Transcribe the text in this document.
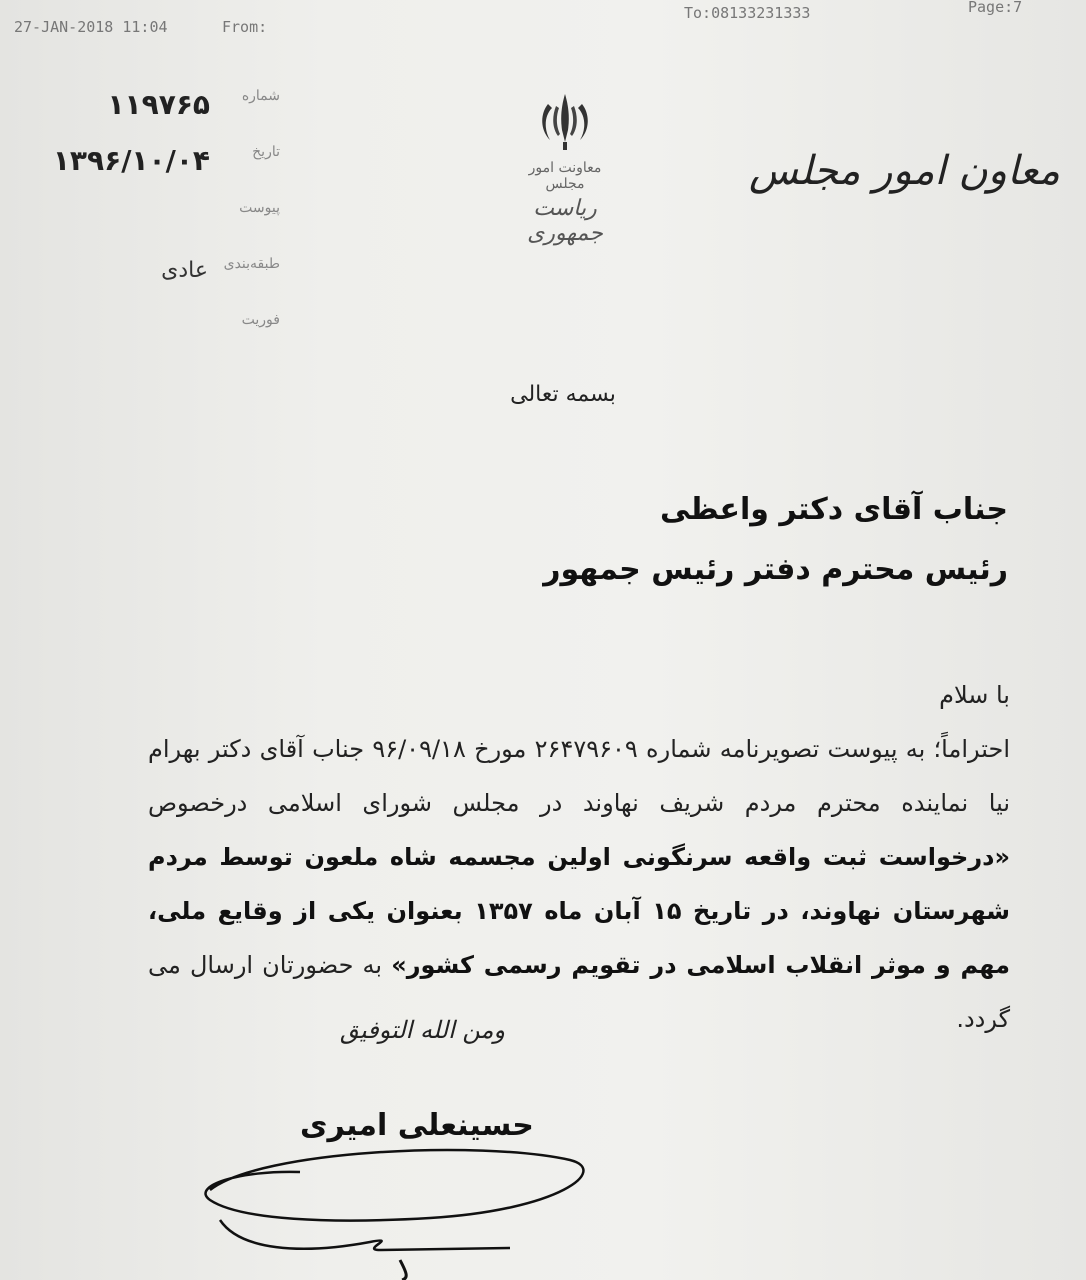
27-JAN-2018 11:04	From:
To:08133231333	Page:7
شماره
۱۱۹۷۶۵
تاریخ
۱۳۹۶/۱۰/۰۴
پیوست
طبقه‌بندی
عادی
فوریت
معاونت امور مجلس
ریاست جمهوری
معاون امور مجلس
بسمه تعالی
جناب آقای دکتر واعظی
رئیس محترم دفتر رئیس جمهور
با سلام
احتراماً؛ به پیوست تصویرنامه شماره ۲۶۴۷۹۶۰۹ مورخ ۹۶/۰۹/۱۸ جناب آقای دکتر بهرام نیا نماینده محترم مردم شریف نهاوند در مجلس شورای اسلامی درخصوص «درخواست ثبت واقعه سرنگونی اولین مجسمه شاه ملعون توسط مردم شهرستان نهاوند، در تاریخ ۱۵ آبان ماه ۱۳۵۷ بعنوان یکی از وقایع ملی، مهم و موثر انقلاب اسلامی در تقویم رسمی کشور» به حضورتان ارسال می گردد.
ومن الله التوفیق
حسینعلی امیری
